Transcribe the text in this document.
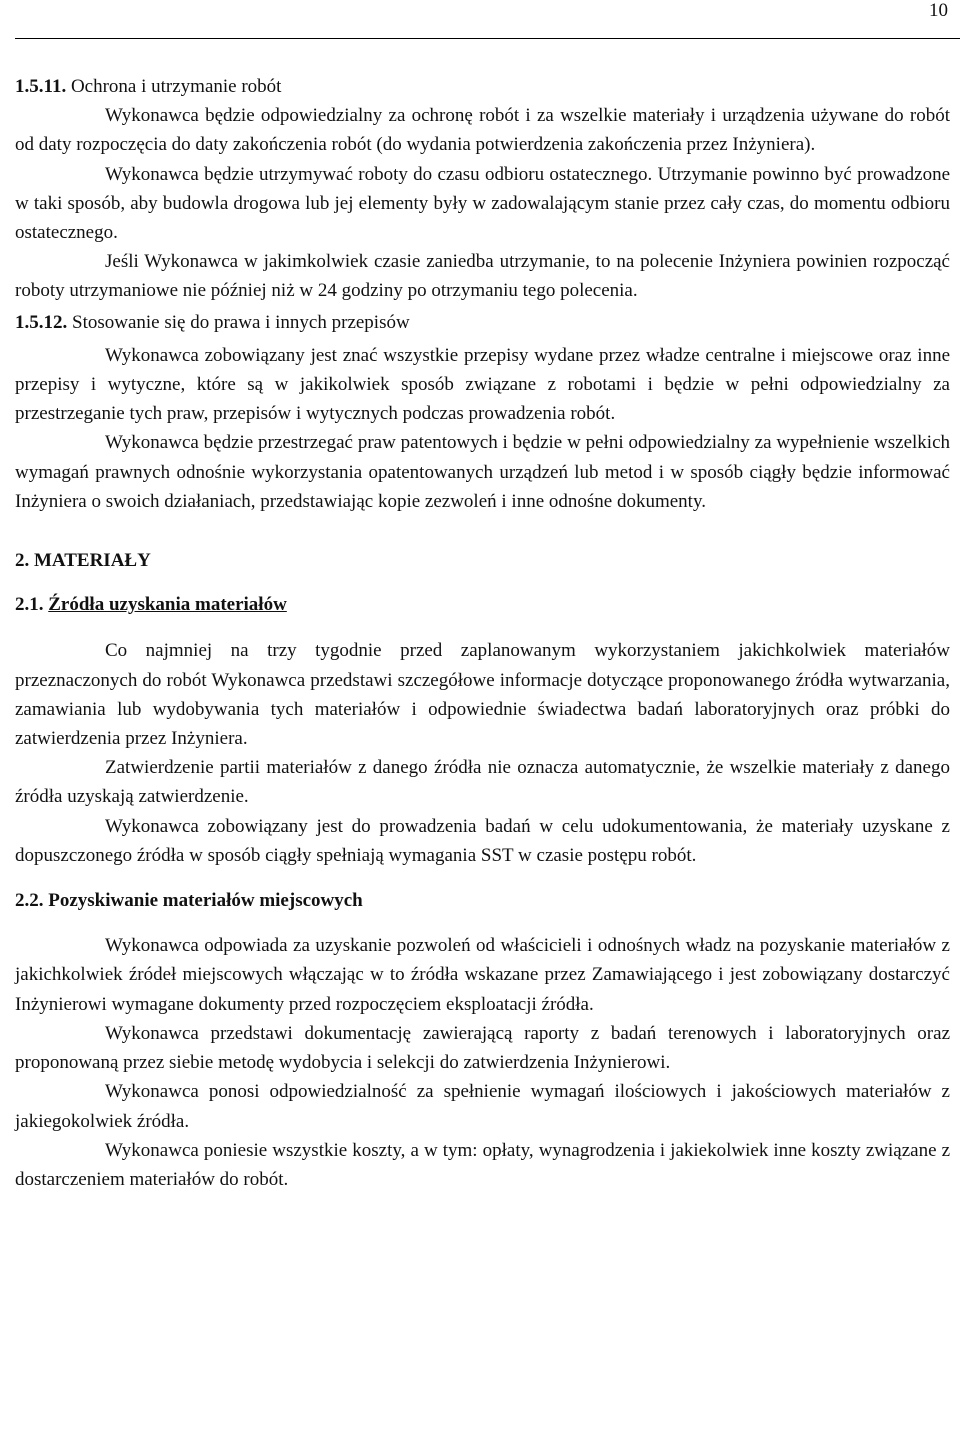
10
1.5.11. Ochrona i utrzymanie robót

Wykonawca będzie odpowiedzialny za ochronę robót i za wszelkie materiały i urządzenia używane do robót od daty rozpoczęcia do daty zakończenia robót (do wydania potwierdzenia zakończenia przez Inżyniera).

Wykonawca będzie utrzymywać roboty do czasu odbioru ostatecznego. Utrzymanie powinno być prowadzone w taki sposób, aby budowla drogowa lub jej elementy były w zadowalającym stanie przez cały czas, do momentu odbioru ostatecznego.

Jeśli Wykonawca w jakimkolwiek czasie zaniedba utrzymanie, to na polecenie Inżyniera powinien rozpocząć roboty utrzymaniowe nie później niż w 24 godziny po otrzymaniu tego polecenia.

1.5.12. Stosowanie się do prawa i innych przepisów

Wykonawca zobowiązany jest znać wszystkie przepisy wydane przez władze centralne i miejscowe oraz inne przepisy i wytyczne, które są w jakikolwiek sposób związane z robotami i będzie w pełni odpowiedzialny za przestrzeganie tych praw, przepisów i wytycznych podczas prowadzenia robót.

Wykonawca będzie przestrzegać praw patentowych i będzie w pełni odpowiedzialny za wypełnienie wszelkich wymagań prawnych odnośnie wykorzystania opatentowanych urządzeń lub metod i w sposób ciągły będzie informować Inżyniera o swoich działaniach, przedstawiając kopie zezwoleń i inne odnośne dokumenty.

2. MATERIAŁY
2.1. Źródła uzyskania materiałów

Co najmniej na trzy tygodnie przed zaplanowanym wykorzystaniem jakichkolwiek materiałów przeznaczonych do robót Wykonawca przedstawi szczegółowe informacje dotyczące proponowanego źródła wytwarzania, zamawiania lub wydobywania tych materiałów i odpowiednie świadectwa badań laboratoryjnych oraz próbki do zatwierdzenia przez Inżyniera.

Zatwierdzenie partii materiałów z danego źródła nie oznacza automatycznie, że wszelkie materiały z danego źródła uzyskają zatwierdzenie.

Wykonawca zobowiązany jest do prowadzenia badań w celu udokumentowania, że materiały uzyskane z dopuszczonego źródła w sposób ciągły spełniają wymagania SST w czasie postępu robót.

2.2. Pozyskiwanie materiałów miejscowych

Wykonawca odpowiada za uzyskanie pozwoleń od właścicieli i odnośnych władz na pozyskanie materiałów z jakichkolwiek źródeł miejscowych włączając w to źródła wskazane przez Zamawiającego i jest zobowiązany dostarczyć Inżynierowi wymagane dokumenty przed rozpoczęciem eksploatacji źródła.

Wykonawca przedstawi dokumentację zawierającą raporty z badań terenowych i laboratoryjnych oraz proponowaną przez siebie metodę wydobycia i selekcji do zatwierdzenia Inżynierowi.

Wykonawca ponosi odpowiedzialność za spełnienie wymagań ilościowych i jakościowych materiałów z jakiegokolwiek źródła.

Wykonawca poniesie wszystkie koszty, a w tym: opłaty, wynagrodzenia i jakiekolwiek inne koszty związane z dostarczeniem materiałów do robót.
